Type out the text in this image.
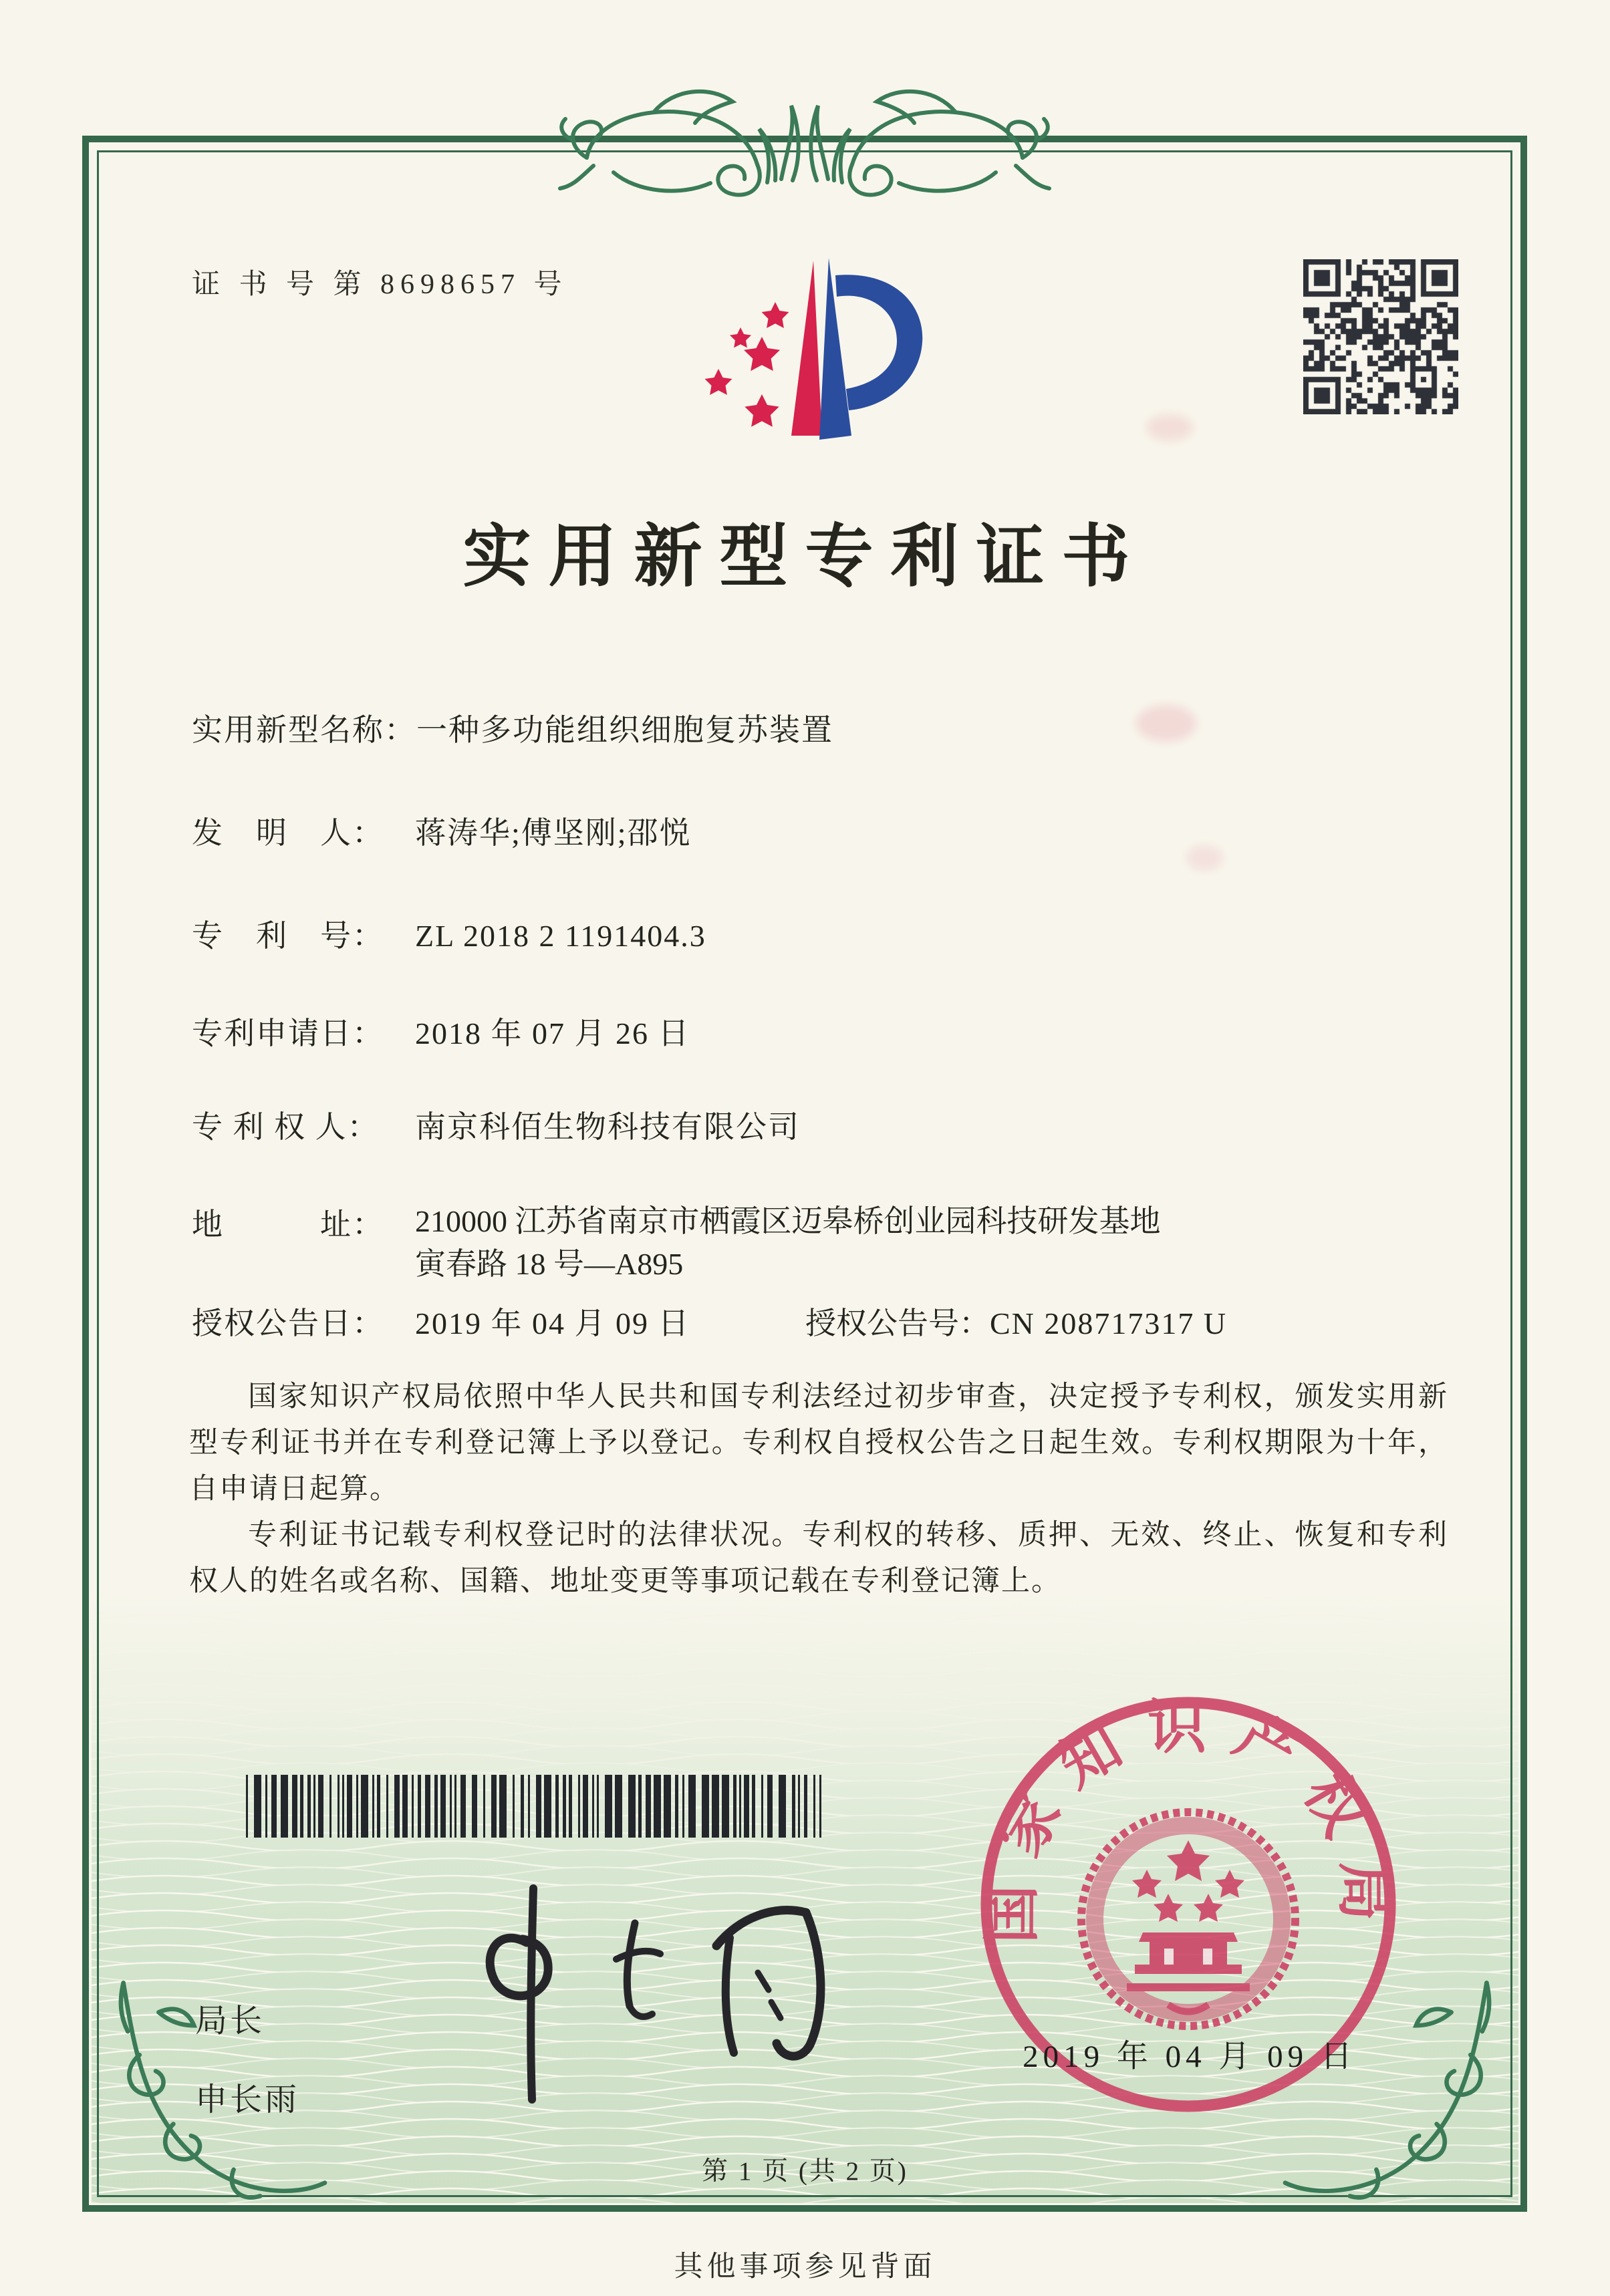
证 书 号 第 8698657 号
实用新型专利证书
实用新型名称：一种多功能组织细胞复苏装置
发　明　人： 蒋涛华;傅坚刚;邵悦
专　利　号： ZL 2018 2 1191404.3
专利申请日： 2018 年 07 月 26 日
专 利 权 人： 南京科佰生物科技有限公司
地　　　址： 210000 江苏省南京市栖霞区迈皋桥创业园科技研发基地
寅春路 18 号—A895
授权公告日： 2019 年 04 月 09 日	授权公告号：CN 208717317 U

国家知识产权局依照中华人民共和国专利法经过初步审查，决定授予专利权，颁发实用新型专利证书并在专利登记簿上予以登记。专利权自授权公告之日起生效。专利权期限为十年，自申请日起算。

专利证书记载专利权登记时的法律状况。专利权的转移、质押、无效、终止、恢复和专利权人的姓名或名称、国籍、地址变更等事项记载在专利登记簿上。

局长
申长雨
国家知识产权局
2019 年 04 月 09 日
第 1 页 (共 2 页)
其他事项参见背面
